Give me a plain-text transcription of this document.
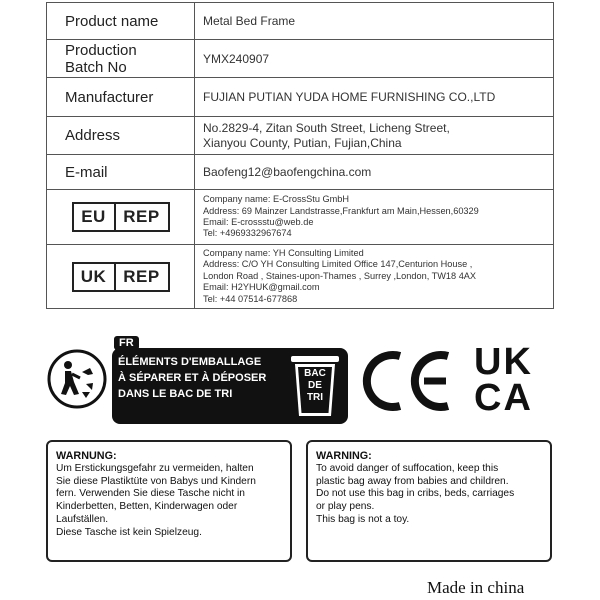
Product name	Metal Bed Frame
Production
Batch No	YMX240907
Manufacturer	FUJIAN PUTIAN YUDA HOME FURNISHING CO.,LTD
Address	No.2829-4, Zitan South Street, Licheng Street,
Xianyou County, Putian, Fujian,China
E-mail	Baofeng12@baofengchina.com

EU REP	Company name: E-CrossStu GmbH
Address: 69 Mainzer Landstrasse,Frankfurt am Main,Hessen,60329
Email: E-crossstu@web.de
Tel: +4969332967674

UK REP	Company name: YH Consulting Limited
Address: C/O YH Consulting Limited Office 147,Centurion House ,
London Road , Staines-upon-Thames , Surrey ,London, TW18 4AX
Email: H2YHUK@gmail.com
Tel: +44 07514-677868
ÉLÉMENTS D'EMBALLAGE
À SÉPARER ET À DÉPOSER
DANS LE BAC DE TRI
BAC
DE
TRI
FR	UK
CA
WARNUNG:
Um Erstickungsgefahr zu vermeiden, halten
Sie diese Plastiktüte von Babys und Kindern
fern. Verwenden Sie diese Tasche nicht in
Kinderbetten, Betten, Kinderwagen oder
Laufställen.
Diese Tasche ist kein Spielzeug.
WARNING:
To avoid danger of suffocation, keep this
plastic bag away from babies and children.
Do not use this bag in cribs, beds, carriages
or play pens.
This bag is not a toy.
Made in china
